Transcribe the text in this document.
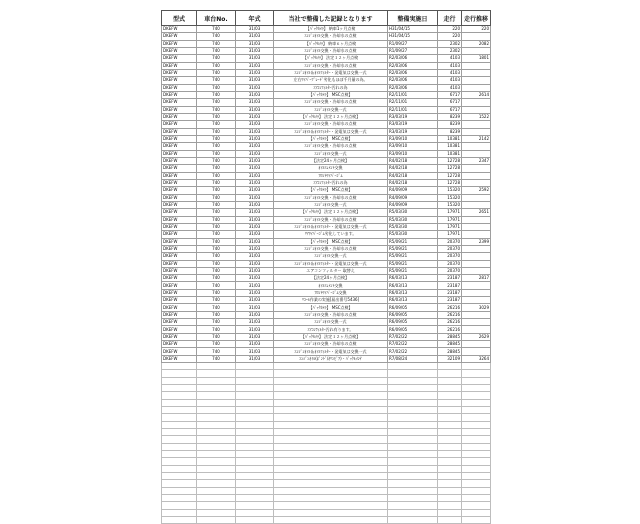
型式	車台No.	年式	当社で整備した記録となります	整備実施日	走行	走行推移
DKEFW	740	31/03	【ﾊﾞｯｸｶﾒﾗ】 納車1ヶ月点検	H31/04/15	220	220
DKEFW	740	31/03	ｴﾝｼﾞﾝｵｲﾙ交換・冷却水の点検	H31/04/15	220	
DKEFW	740	31/03	【ﾊﾞｯｸｶﾒﾗ】 納車６ヶ月点検	R1/09/27	2302	2082
DKEFW	740	31/03	ｴﾝｼﾞﾝｵｲﾙ交換・冷却水の点検	R1/09/27	2302	
DKEFW	740	31/03	【ﾊﾞｯｸｶﾒﾗ】 法定１２ヶ月点検	R2/03/06	4103	1801
DKEFW	740	31/03	ｴﾝｼﾞﾝｵｲﾙ交換・冷却水の点検	R2/03/06	4103	
DKEFW	740	31/03	ｴﾝｼﾞﾝｵｲﾙ＆ｵｲﾙﾌｨﾙﾀｰ・発電気は交換一式	R2/03/06	4103	
DKEFW	740	31/03	左右ﾜｲﾊﾟｰﾌﾞﾚｰﾄﾞ劣化もほぼ千月量の為。	R2/03/06	4103	
DKEFW	740	31/03	ｴｱｺﾝﾌｨﾙﾀｰ汚れの為	R2/03/06	4103	
DKEFW	740	31/03	【ﾊﾞｯｸｶﾒﾗ】 MSC点検】	R2/11/01	6717	2614
DKEFW	740	31/03	ｴﾝｼﾞﾝｵｲﾙ交換・冷却水の点検	R2/11/01	6717	
DKEFW	740	31/03	ｴﾝｼﾞﾝｵｲﾙ交換一式	R2/11/01	6717	
DKEFW	740	31/03	【ﾊﾞｯｸｶﾒﾗ】 法定１２ヶ月点検】	R3/03/19	8239	1522
DKEFW	740	31/03	ｴﾝｼﾞﾝｵｲﾙ交換・冷却水の点検	R3/03/19	8239	
DKEFW	740	31/03	ｴﾝｼﾞﾝｵｲﾙ＆ｵｲﾙﾌｨﾙﾀｰ・発電気は交換一式	R3/03/19	8239	
DKEFW	740	31/03	【ﾊﾞｯｸｶﾒﾗ】 MSC点検】	R3/09/10	10381	2142
DKEFW	740	31/03	ｴﾝｼﾞﾝｵｲﾙ交換・冷却水の点検	R3/09/10	10381	
DKEFW	740	31/03	ｴﾝｼﾞﾝｵｲﾙ交換一式	R3/09/10	10381	
DKEFW	740	31/03	【法定24ヶ月点検】	R4/02/18	12728	2347
DKEFW	740	31/03	ｵｲﾙｴﾚﾒﾝﾄ交換	R4/02/18	12728	
DKEFW	740	31/03	ﾌﾛﾝﾄﾜｲﾊﾟｰｺﾞﾑ	R4/02/18	12728	
DKEFW	740	31/03	ｴｱｺﾝﾌｨﾙﾀｰ汚れの為	R4/02/18	12728	
DKEFW	740	31/03	【ﾊﾞｯｸｶﾒﾗ】 MSC点検】	R4/09/09	15320	2592
DKEFW	740	31/03	ｴﾝｼﾞﾝｵｲﾙ交換・冷却水の点検	R4/09/09	15320	
DKEFW	740	31/03	ｴﾝｼﾞﾝｵｲﾙ交換一式	R4/09/09	15320	
DKEFW	740	31/03	【ﾊﾞｯｸｶﾒﾗ】 法定１２ヶ月点検】	R5/03/30	17971	2651
DKEFW	740	31/03	ｴﾝｼﾞﾝｵｲﾙ交換・冷却水の点検	R5/03/30	17971	
DKEFW	740	31/03	ｴﾝｼﾞﾝｵｲﾙ＆ｵｲﾙﾌｨﾙﾀｰ・発電気は交換一式	R5/03/30	17971	
DKEFW	740	31/03	ﾘｱﾜｲﾊﾟｰｺﾞﾑ劣化しています。	R5/03/30	17971	
DKEFW	740	31/03	【ﾊﾞｯｸｶﾒﾗ】 MSC点検】	R5/09/21	20370	2399
DKEFW	740	31/03	ｴﾝｼﾞﾝｵｲﾙ交換・冷却水の点検	R5/09/21	20370	
DKEFW	740	31/03	ｴﾝｼﾞﾝｵｲﾙ交換一式	R5/09/21	20370	
DKEFW	740	31/03	ｴﾝｼﾞﾝｵｲﾙ＆ｵｲﾙﾌｨﾙﾀｰ・発電気は交換一式	R5/09/21	20370	
DKEFW	740	31/03	エアコンフィルター 取替え	R5/09/21	20370	
DKEFW	740	31/03	【法定24ヶ月点検】	R6/03/13	23187	2817
DKEFW	740	31/03	ｵｲﾙｴﾚﾒﾝﾄ交換	R6/03/13	23187	
DKEFW	740	31/03	ﾌﾛﾝﾄﾜｲﾊﾟｰｺﾞﾑ交換	R6/03/13	23187	
DKEFW	740	31/03	ﾘｺｰﾙ作業の実施[届出番号5436]	R6/03/13	23187	
DKEFW	740	31/03	【ﾊﾞｯｸｶﾒﾗ】 MSC点検】	R6/09/05	26216	3029
DKEFW	740	31/03	ｴﾝｼﾞﾝｵｲﾙ交換・冷却水の点検	R6/09/05	26216	
DKEFW	740	31/03	ｴﾝｼﾞﾝｵｲﾙ交換一式	R6/09/05	26216	
DKEFW	740	31/03	ｴｱｺﾝﾌｨﾙﾀｰ汚れ有ります。	R6/09/05	26216	
DKEFW	740	31/03	【ﾊﾞｯｸｶﾒﾗ】 法定１２ヶ月点検】	R7/02/22	28845	2629
DKEFW	740	31/03	ｴﾝｼﾞﾝｵｲﾙ交換・冷却水の点検	R7/02/22	28845	
DKEFW	740	31/03	ｴﾝｼﾞﾝｵｲﾙ＆ｵｲﾙﾌｨﾙﾀｰ・発電気は交換一式	R7/02/22	28845	
DKEFW	740	31/03	ｴﾝｼﾞﾝｵｲﾙ(ﾎﾞﾝﾄﾞ/ｵﾘﾝﾋﾟｱ)・ﾊﾞｯｸﾙﾒﾝﾃ	R7/08/24	32109	3264
